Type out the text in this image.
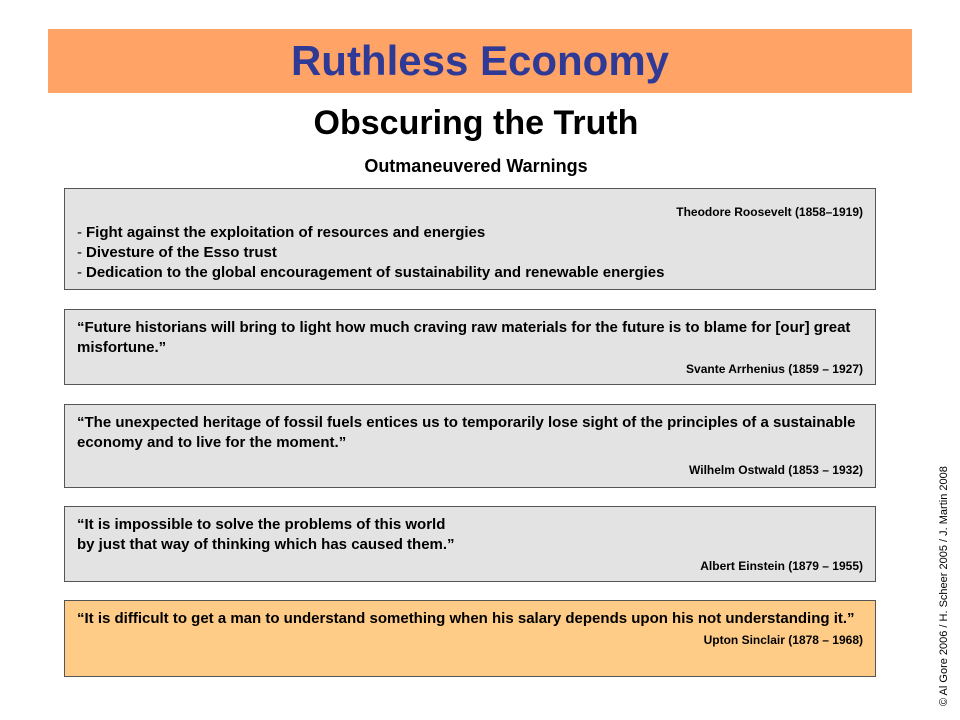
Ruthless Economy
Obscuring the Truth
Outmaneuvered Warnings
Theodore Roosevelt (1858–1919)
- Fight against the exploitation of resources and energies
- Divesture of the Esso trust
- Dedication to the global encouragement of sustainability and renewable energies
“Future historians will bring to light how much craving raw materials for the future is to blame for [our] great misfortune.”
Svante Arrhenius (1859 – 1927)
“The unexpected heritage of fossil fuels entices us to temporarily lose sight of the principles of a sustainable economy and to live for the moment.”
Wilhelm Ostwald (1853 – 1932)
“It is impossible to solve the problems of this world
by just that way of thinking which has caused them.”
Albert Einstein (1879 – 1955)
“It is difficult to get a man to understand something when his salary depends upon his not understanding it.”
Upton Sinclair (1878 – 1968)	© Al Gore 2006 / H. Scheer 2005 / J. Martin 2008
